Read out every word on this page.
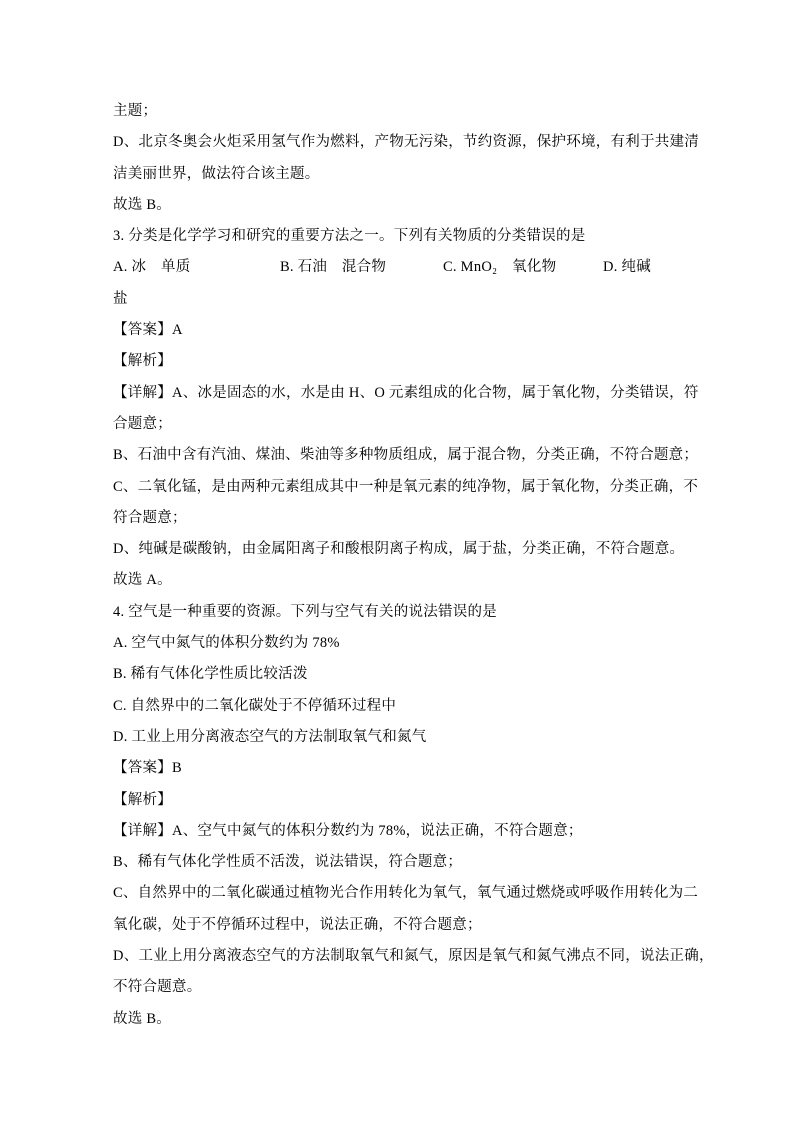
主题；
D、北京冬奥会火炬采用氢气作为燃料，产物无污染，节约资源，保护环境，有利于共建清
洁美丽世界，做法符合该主题。
故选 B。
3. 分类是化学学习和研究的重要方法之一。下列有关物质的分类错误的是

A. 冰　单质

	B. 石油　混合物

	C. MnO₂　氧化物

	D. 纯碱

盐
【答案】A
【解析】
【详解】A、冰是固态的水，水是由 H、O 元素组成的化合物，属于氧化物，分类错误，符
合题意；
B、石油中含有汽油、煤油、柴油等多种物质组成，属于混合物，分类正确，不符合题意；
C、二氧化锰，是由两种元素组成其中一种是氧元素的纯净物，属于氧化物，分类正确，不
符合题意；
D、纯碱是碳酸钠，由金属阳离子和酸根阴离子构成，属于盐，分类正确，不符合题意。
故选 A。
4. 空气是一种重要的资源。下列与空气有关的说法错误的是
A. 空气中氮气的体积分数约为 78%
B. 稀有气体化学性质比较活泼
C. 自然界中的二氧化碳处于不停循环过程中
D. 工业上用分离液态空气的方法制取氧气和氮气
【答案】B
【解析】
【详解】A、空气中氮气的体积分数约为 78%，说法正确，不符合题意；
B、稀有气体化学性质不活泼，说法错误，符合题意；
C、自然界中的二氧化碳通过植物光合作用转化为氧气，氧气通过燃烧或呼吸作用转化为二
氧化碳，处于不停循环过程中，说法正确，不符合题意；
D、工业上用分离液态空气的方法制取氧气和氮气，原因是氧气和氮气沸点不同，说法正确，
不符合题意。
故选 B。
